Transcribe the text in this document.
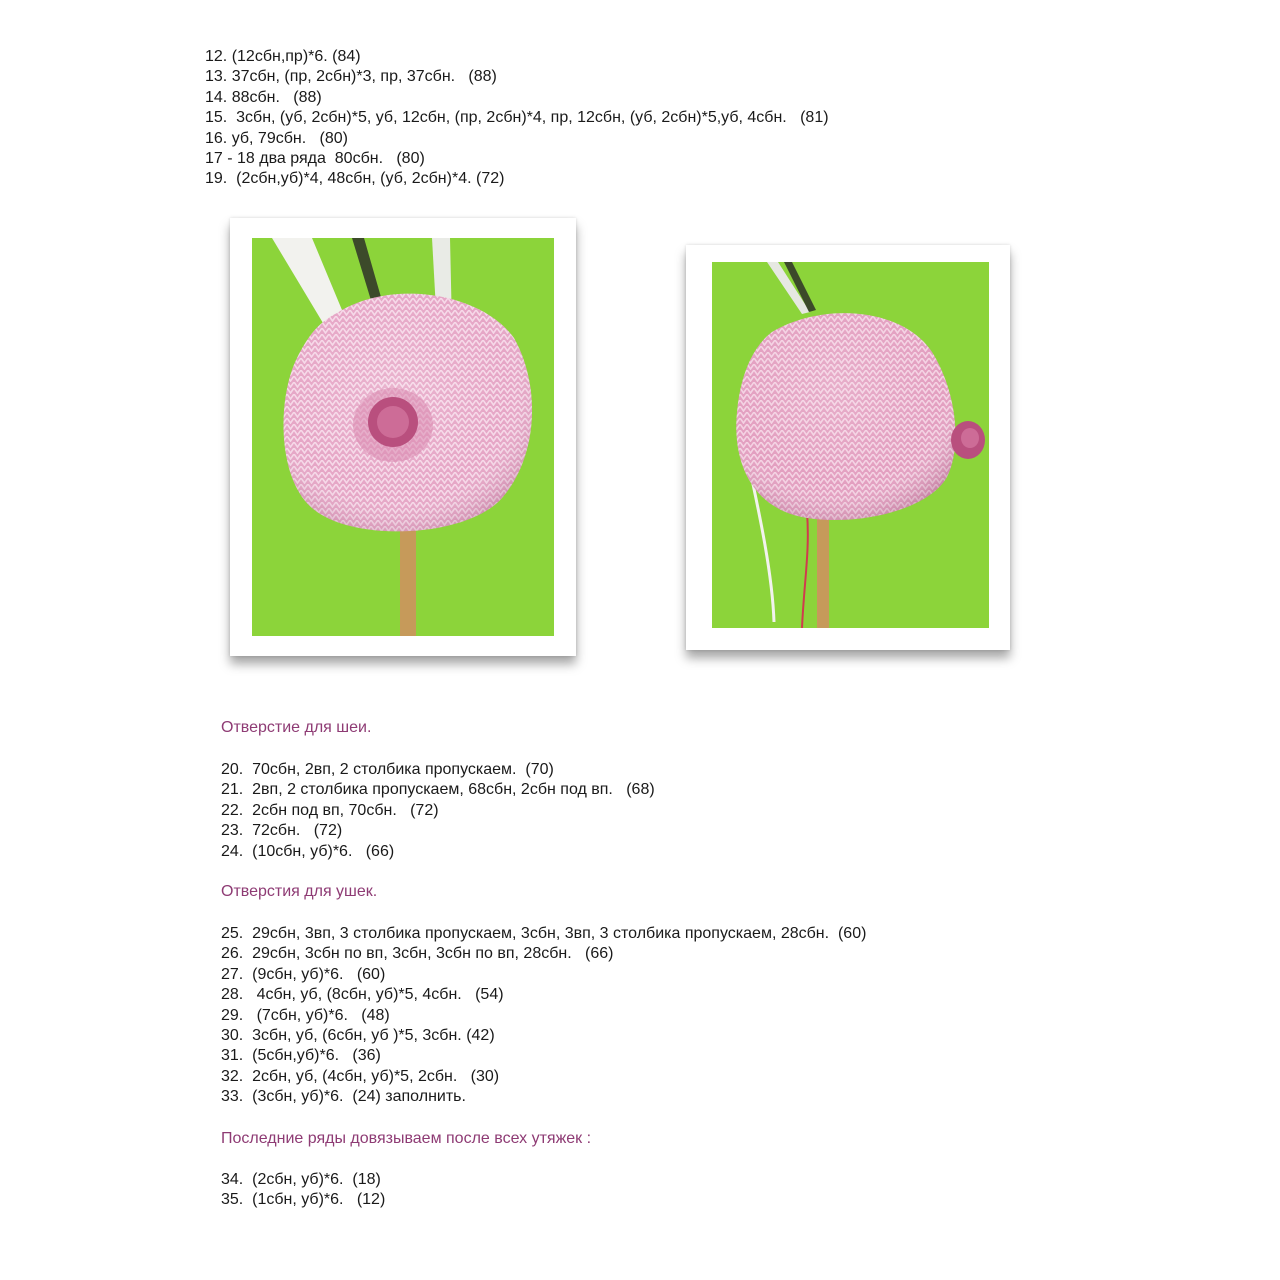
12. (12сбн,пр)*6. (84)
13. 37сбн, (пр, 2сбн)*3, пр, 37сбн.   (88)
14. 88сбн.   (88)
15.  3сбн, (уб, 2сбн)*5, уб, 12сбн, (пр, 2сбн)*4, пр, 12сбн, (уб, 2сбн)*5,уб, 4сбн.   (81)
16. уб, 79сбн.   (80)
17 - 18 два ряда  80сбн.   (80)
19.  (2сбн,уб)*4, 48сбн, (уб, 2сбн)*4. (72)
Отверстие для шеи.
20.  70сбн, 2вп, 2 столбика пропускаем.  (70)
21.  2вп, 2 столбика пропускаем, 68сбн, 2сбн под вп.   (68)
22.  2сбн под вп, 70сбн.   (72)
23.  72сбн.   (72)
24.  (10сбн, уб)*6.   (66)
Отверстия для ушек.
25.  29сбн, 3вп, 3 столбика пропускаем, 3сбн, 3вп, 3 столбика пропускаем, 28сбн.  (60)
26.  29сбн, 3сбн по вп, 3сбн, 3сбн по вп, 28сбн.   (66)
27.  (9сбн, уб)*6.   (60)
28.   4сбн, уб, (8сбн, уб)*5, 4сбн.   (54)
29.   (7сбн, уб)*6.   (48)
30.  3сбн, уб, (6сбн, уб )*5, 3сбн. (42)
31.  (5сбн,уб)*6.   (36)
32.  2сбн, уб, (4сбн, уб)*5, 2сбн.   (30)
33.  (3сбн, уб)*6.  (24) заполнить.
Последние ряды довязываем после всех утяжек :
34.  (2сбн, уб)*6.  (18)
35.  (1сбн, уб)*6.   (12)
